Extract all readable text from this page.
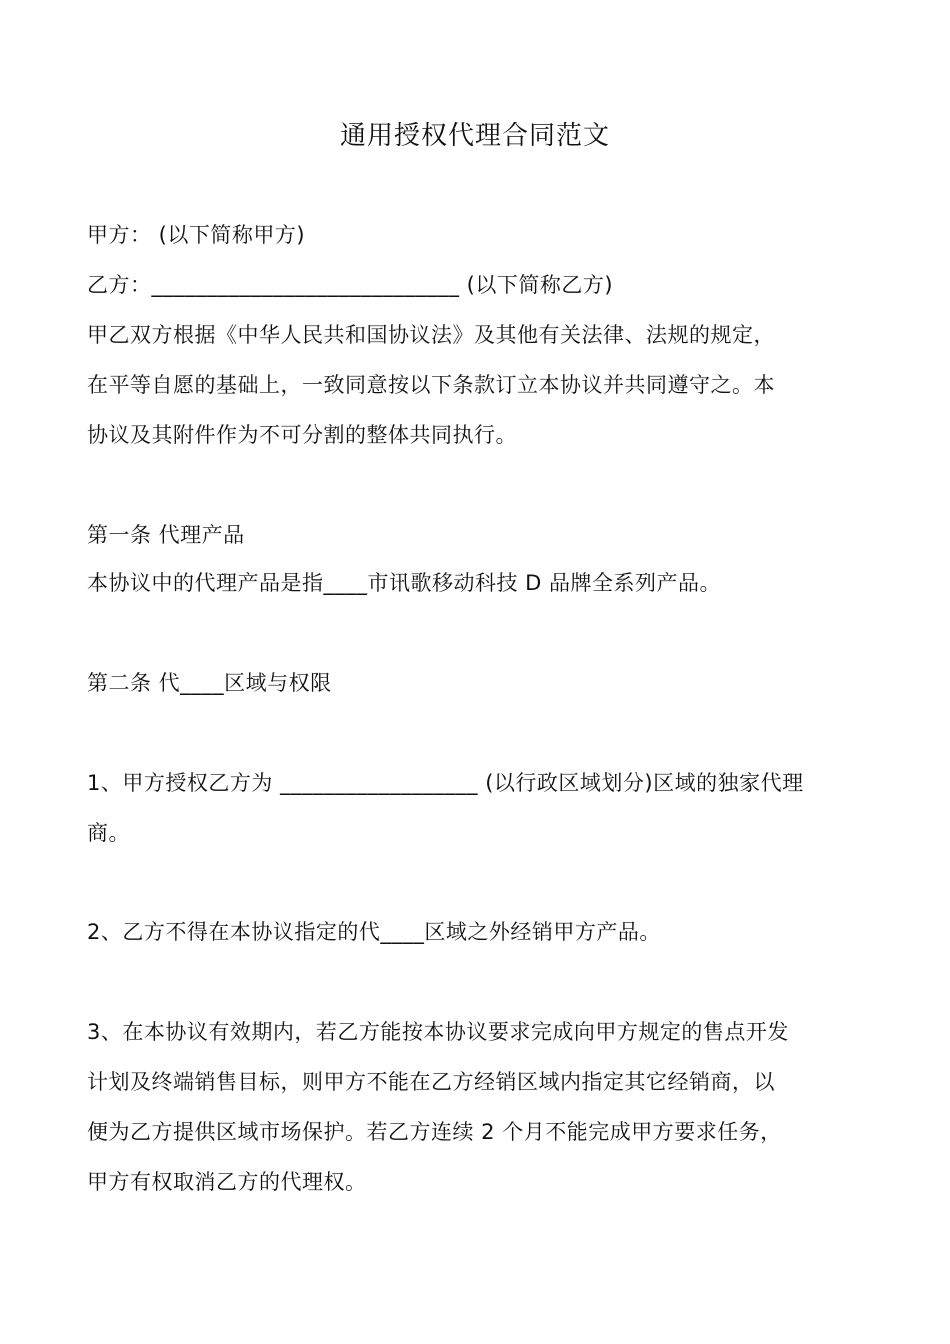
通用授权代理合同范文
甲方： (以下简称甲方)
乙方：____________________________ (以下简称乙方)
甲乙双方根据《中华人民共和国协议法》及其他有关法律、法规的规定，
在平等自愿的基础上，一致同意按以下条款订立本协议并共同遵守之。本
协议及其附件作为不可分割的整体共同执行。
第一条 代理产品
本协议中的代理产品是指____市讯歌移动科技 D 品牌全系列产品。
第二条 代____区域与权限
1、甲方授权乙方为 __________________ (以行政区域划分)区域的独家代理
商。
2、乙方不得在本协议指定的代____区域之外经销甲方产品。
3、在本协议有效期内，若乙方能按本协议要求完成向甲方规定的售点开发
计划及终端销售目标，则甲方不能在乙方经销区域内指定其它经销商，以
便为乙方提供区域市场保护。若乙方连续 2 个月不能完成甲方要求任务，
甲方有权取消乙方的代理权。
